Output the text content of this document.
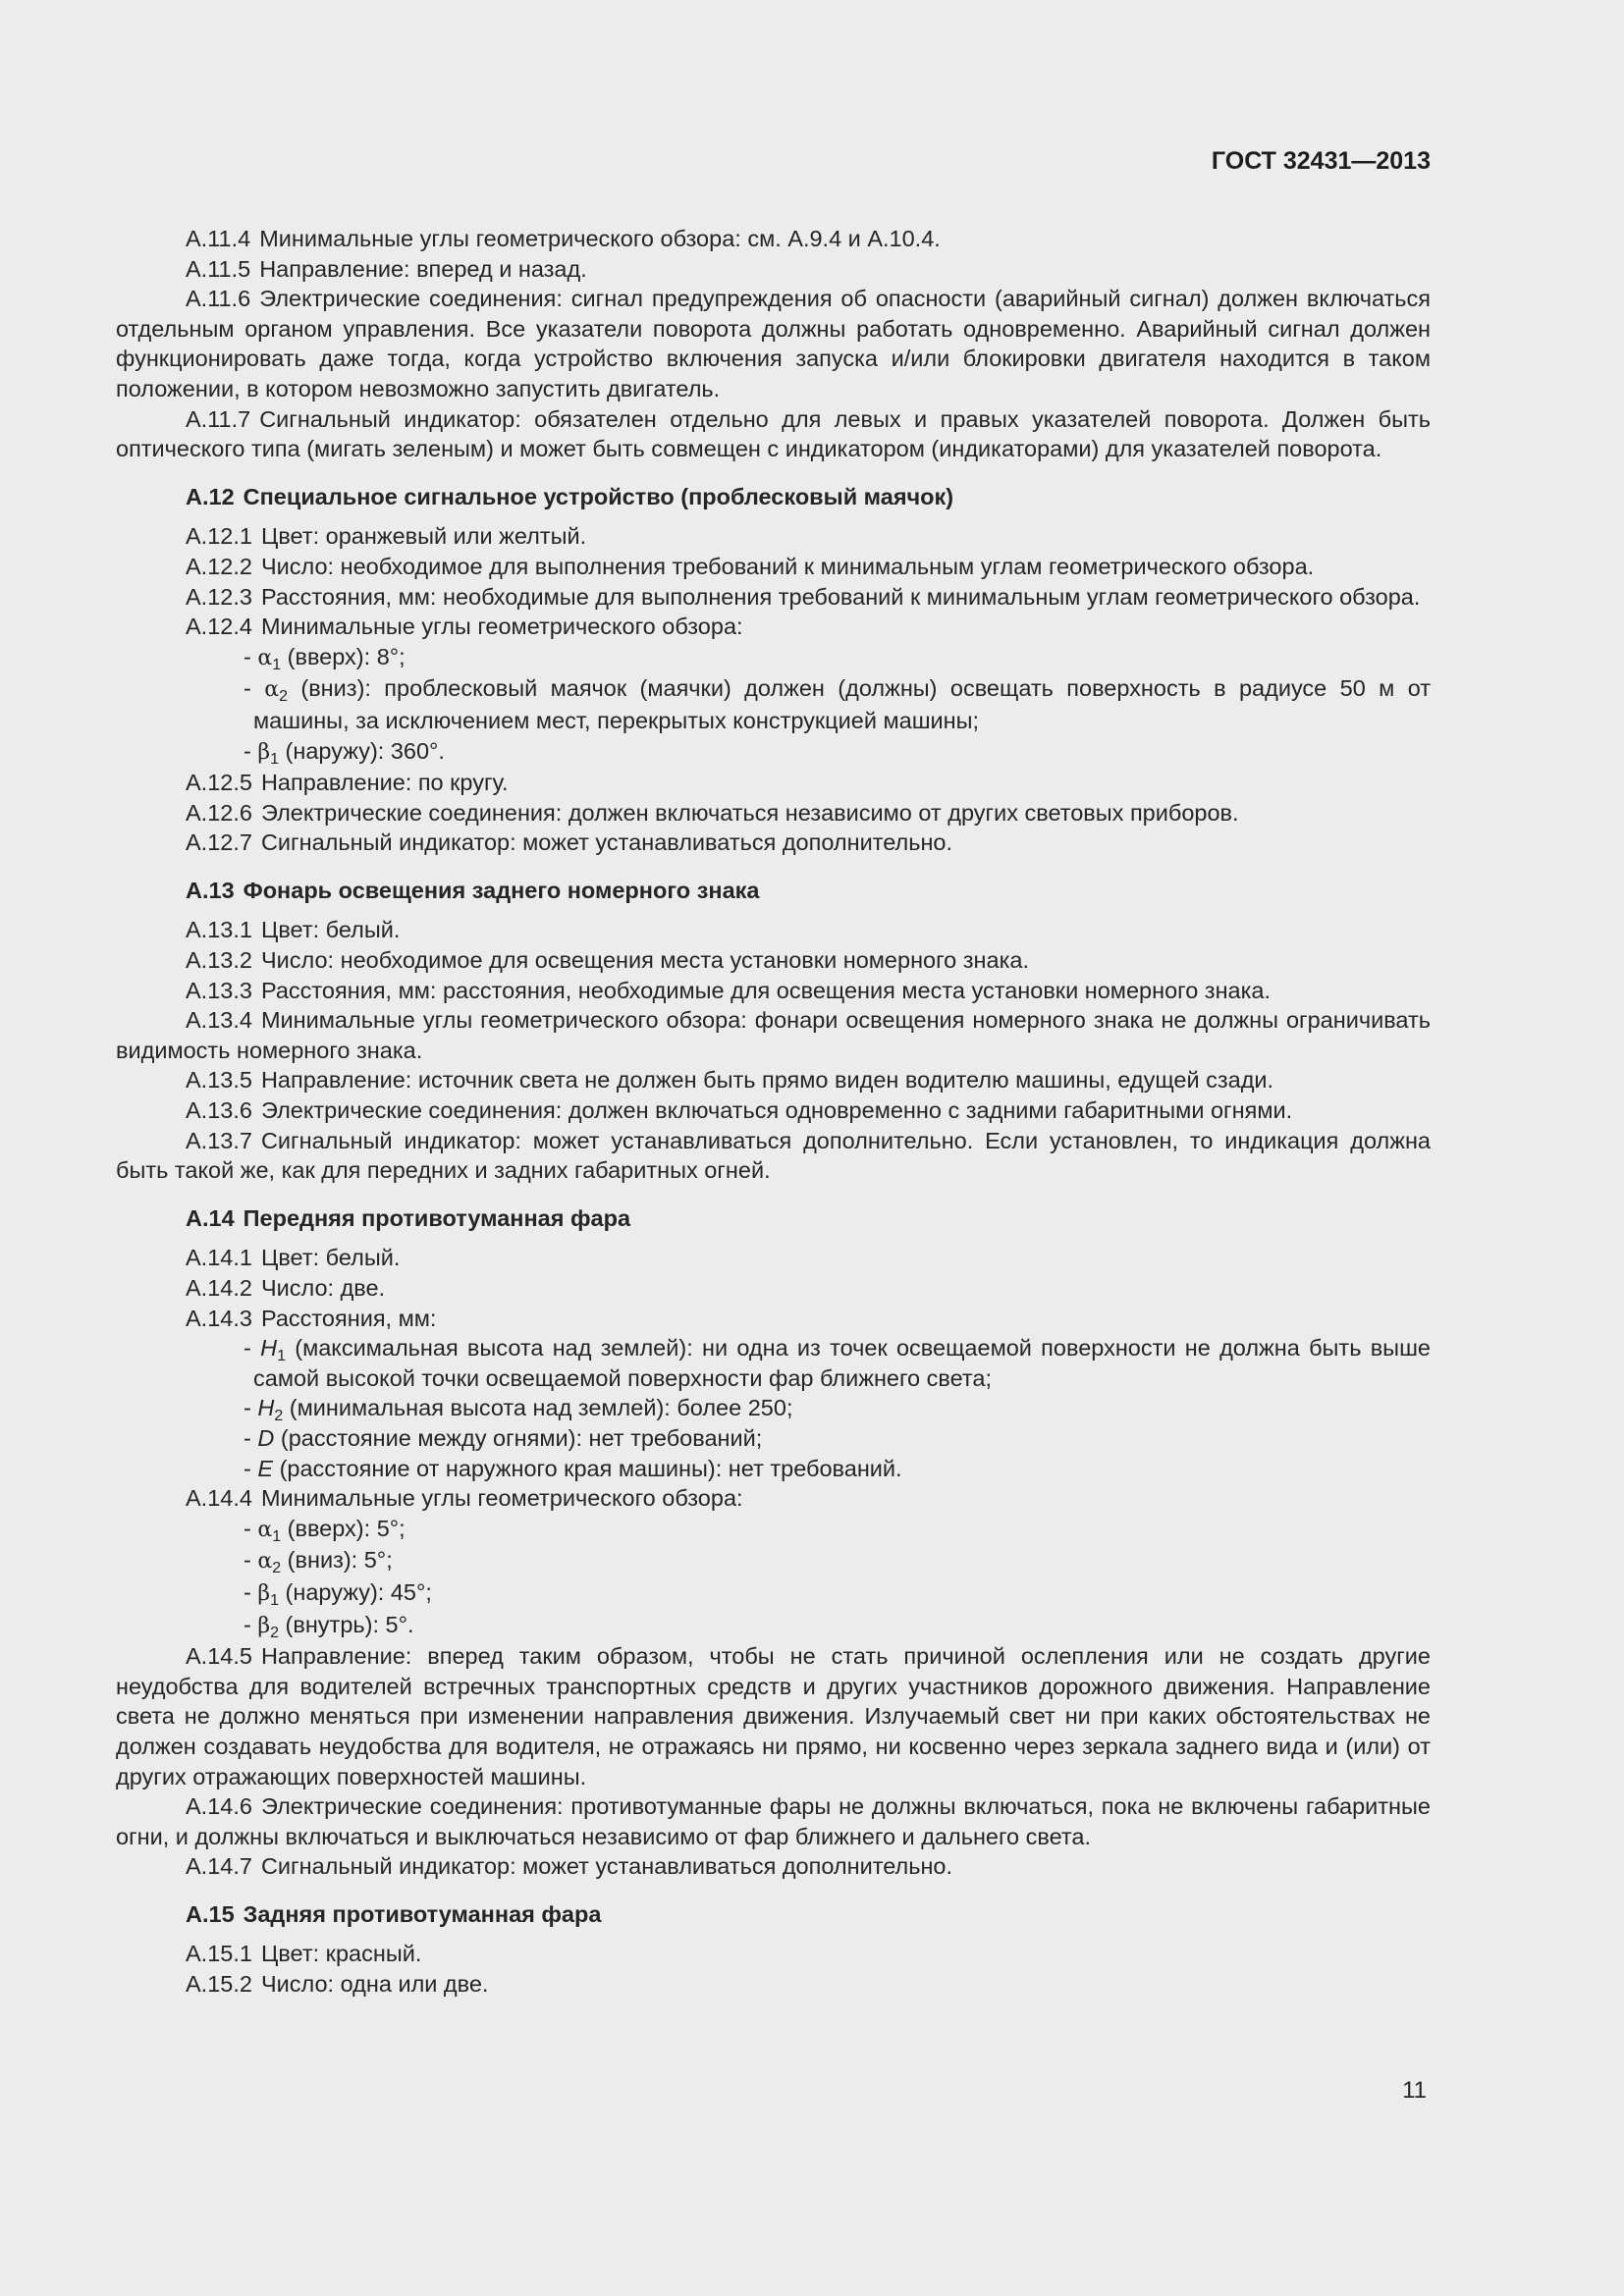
ГОСТ 32431—2013

А.11.4 Минимальные углы геометрического обзора: см. А.9.4 и А.10.4.

А.11.5 Направление: вперед и назад.

А.11.6 Электрические соединения: сигнал предупреждения об опасности (аварийный сигнал) должен включаться отдельным органом управления. Все указатели поворота должны работать одновременно. Аварийный сигнал должен функционировать даже тогда, когда устройство включения запуска и/или блокировки двигателя находится в таком положении, в котором невозможно запустить двигатель.

А.11.7 Сигнальный индикатор: обязателен отдельно для левых и правых указателей поворота. Должен быть оптического типа (мигать зеленым) и может быть совмещен с индикатором (индикаторами) для указателей поворота.

А.12 Специальное сигнальное устройство (проблесковый маячок)

А.12.1 Цвет: оранжевый или желтый.

А.12.2 Число: необходимое для выполнения требований к минимальным углам геометрического обзора.

А.12.3 Расстояния, мм: необходимые для выполнения требований к минимальным углам геометрического обзора.

А.12.4 Минимальные углы геометрического обзора:

- $\alpha_1$ (вверх): 8°;

- $\alpha_2$ (вниз): проблесковый маячок (маячки) должен (должны) освещать поверхность в радиусе 50 м от машины, за исключением мест, перекрытых конструкцией машины;

- $\beta_1$ (наружу): 360°.

А.12.5 Направление: по кругу.

А.12.6 Электрические соединения: должен включаться независимо от других световых приборов.

А.12.7 Сигнальный индикатор: может устанавливаться дополнительно.

А.13 Фонарь освещения заднего номерного знака

А.13.1 Цвет: белый.

А.13.2 Число: необходимое для освещения места установки номерного знака.

А.13.3 Расстояния, мм: расстояния, необходимые для освещения места установки номерного знака.

А.13.4 Минимальные углы геометрического обзора: фонари освещения номерного знака не должны ограничивать видимость номерного знака.

А.13.5 Направление: источник света не должен быть прямо виден водителю машины, едущей сзади.

А.13.6 Электрические соединения: должен включаться одновременно с задними габаритными огнями.

А.13.7 Сигнальный индикатор: может устанавливаться дополнительно. Если установлен, то индикация должна быть такой же, как для передних и задних габаритных огней.

А.14 Передняя противотуманная фара

А.14.1 Цвет: белый.

А.14.2 Число: две.

А.14.3 Расстояния, мм:

- $H_1$ (максимальная высота над землей): ни одна из точек освещаемой поверхности не должна быть выше самой высокой точки освещаемой поверхности фар ближнего света;

- $H_2$ (минимальная высота над землей): более 250;

- D (расстояние между огнями): нет требований;

- E (расстояние от наружного края машины): нет требований.

А.14.4 Минимальные углы геометрического обзора:

- $\alpha_1$ (вверх): 5°;

- $\alpha_2$ (вниз): 5°;

- $\beta_1$ (наружу): 45°;

- $\beta_2$ (внутрь): 5°.

А.14.5 Направление: вперед таким образом, чтобы не стать причиной ослепления или не создать другие неудобства для водителей встречных транспортных средств и других участников дорожного движения. Направление света не должно меняться при изменении направления движения. Излучаемый свет ни при каких обстоятельствах не должен создавать неудобства для водителя, не отражаясь ни прямо, ни косвенно через зеркала заднего вида и (или) от других отражающих поверхностей машины.

А.14.6 Электрические соединения: противотуманные фары не должны включаться, пока не включены габаритные огни, и должны включаться и выключаться независимо от фар ближнего и дальнего света.

А.14.7 Сигнальный индикатор: может устанавливаться дополнительно.

А.15 Задняя противотуманная фара

А.15.1 Цвет: красный.

А.15.2 Число: одна или две.

11
